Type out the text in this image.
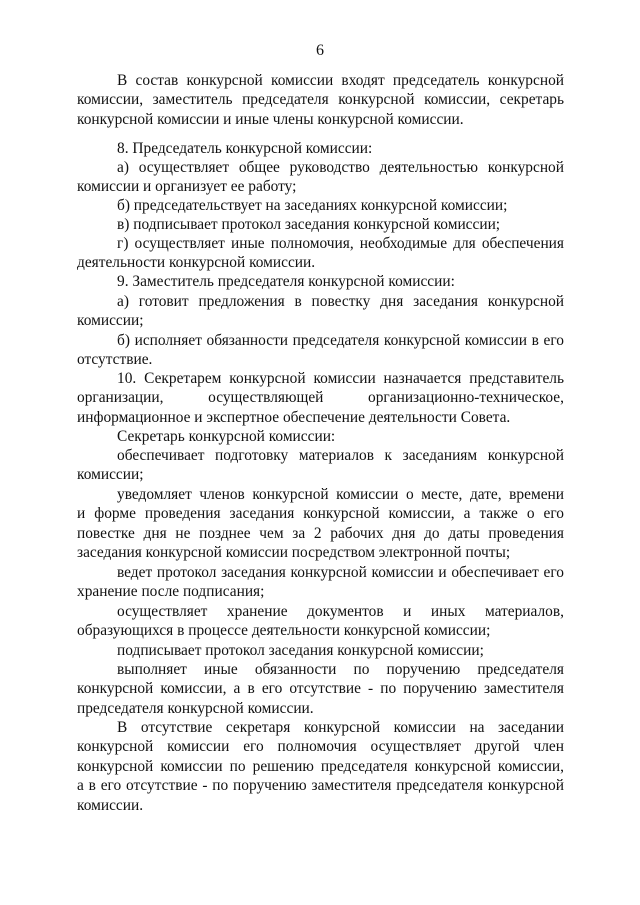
6
В состав конкурсной комиссии входят председатель конкурсной
комиссии, заместитель председателя конкурсной комиссии, секретарь
конкурсной комиссии и иные члены конкурсной комиссии.
8. Председатель конкурсной комиссии:
а) осуществляет общее руководство деятельностью конкурсной
комиссии и организует ее работу;
б) председательствует на заседаниях конкурсной комиссии;
в) подписывает протокол заседания конкурсной комиссии;
г) осуществляет иные полномочия, необходимые для обеспечения
деятельности конкурсной комиссии.
9. Заместитель председателя конкурсной комиссии:
а) готовит предложения в повестку дня заседания конкурсной
комиссии;
б) исполняет обязанности председателя конкурсной комиссии в его
отсутствие.
10. Секретарем конкурсной комиссии назначается представитель
организации, осуществляющей организационно-техническое,
информационное и экспертное обеспечение деятельности Совета.
Секретарь конкурсной комиссии:
обеспечивает подготовку материалов к заседаниям конкурсной
комиссии;
уведомляет членов конкурсной комиссии о месте, дате, времени
и форме проведения заседания конкурсной комиссии, а также о его
повестке дня не позднее чем за 2 рабочих дня до даты проведения
заседания конкурсной комиссии посредством электронной почты;
ведет протокол заседания конкурсной комиссии и обеспечивает его
хранение после подписания;
осуществляет хранение документов и иных материалов,
образующихся в процессе деятельности конкурсной комиссии;
подписывает протокол заседания конкурсной комиссии;
выполняет иные обязанности по поручению председателя
конкурсной комиссии, а в его отсутствие - по поручению заместителя
председателя конкурсной комиссии.
В отсутствие секретаря конкурсной комиссии на заседании
конкурсной комиссии его полномочия осуществляет другой член
конкурсной комиссии по решению председателя конкурсной комиссии,
а в его отсутствие - по поручению заместителя председателя конкурсной
комиссии.
